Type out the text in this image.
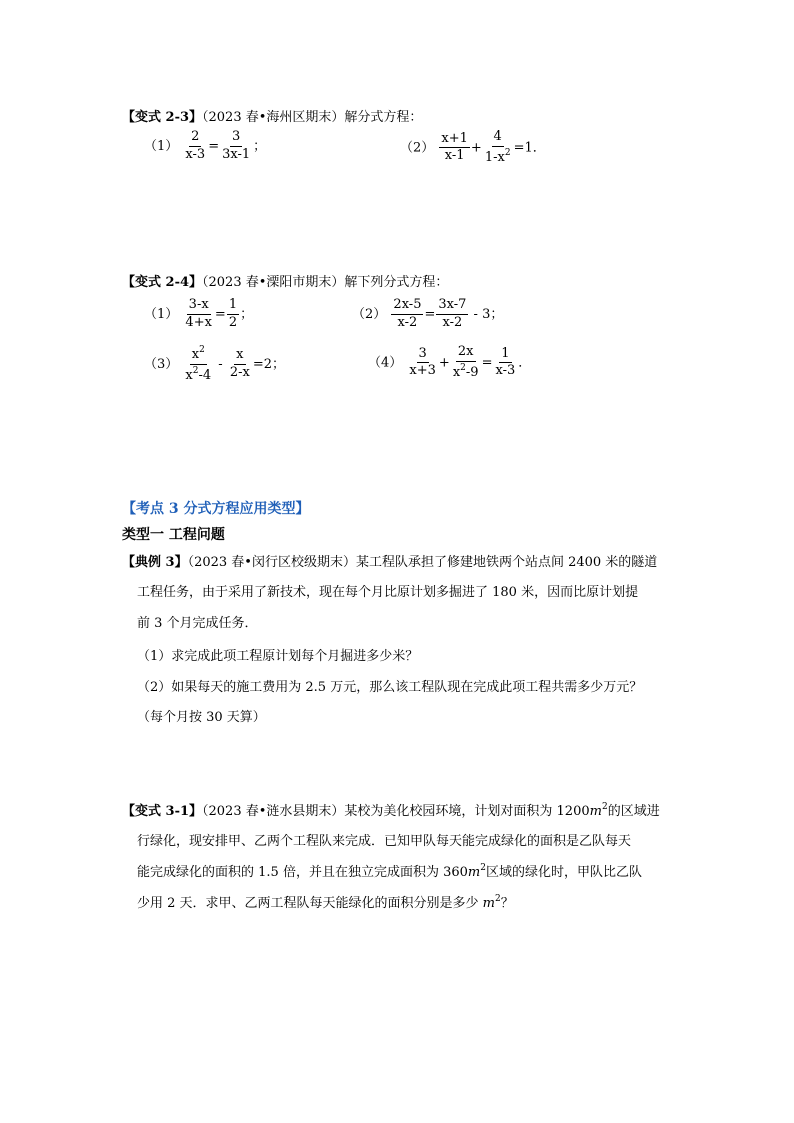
【变式 2-3】（2023 春•海州区期末）解分式方程：
$(1) \frac{2}{x-3} = \frac{3}{3x-1}$ ；	$(2) \frac{x+1}{x-1} + \frac{4}{1-x^2} =1$．
【变式 2-4】（2023 春•溧阳市期末）解下列分式方程：
$(1) \frac{3-x}{4+x} = \frac{1}{2}$ ；	$(2) \frac{2x-5}{x-2} = \frac{3x-7}{x-2} - 3$；
$(3) \frac{x^2}{x^2-4} - \frac{x}{2-x} =2$；	$(4) \frac{3}{x+3} + \frac{2x}{x^2-9} = \frac{1}{x-3}$ ．
【考点 3 分式方程应用类型】
类型一 工程问题
【典例 3】（2023 春•闵行区校级期末）某工程队承担了修建地铁两个站点间 2400 米的隧道
工程任务，由于采用了新技术，现在每个月比原计划多掘进了 180 米，因而比原计划提
前 3 个月完成任务．
（1）求完成此项工程原计划每个月掘进多少米？
（2）如果每天的施工费用为 2.5 万元，那么该工程队现在完成此项工程共需多少万元？
（每个月按 30 天算）
【变式 3-1】（2023 春•涟水县期末）某校为美化校园环境，计划对面积为 $1200m^2$的区域进
行绿化，现安排甲、乙两个工程队来完成．已知甲队每天能完成绿化的面积是乙队每天
能完成绿化的面积的 1.5 倍，并且在独立完成面积为 $360m^2$区域的绿化时，甲队比乙队
少用 2 天．求甲、乙两工程队每天能绿化的面积分别是多少 $m^2$？
